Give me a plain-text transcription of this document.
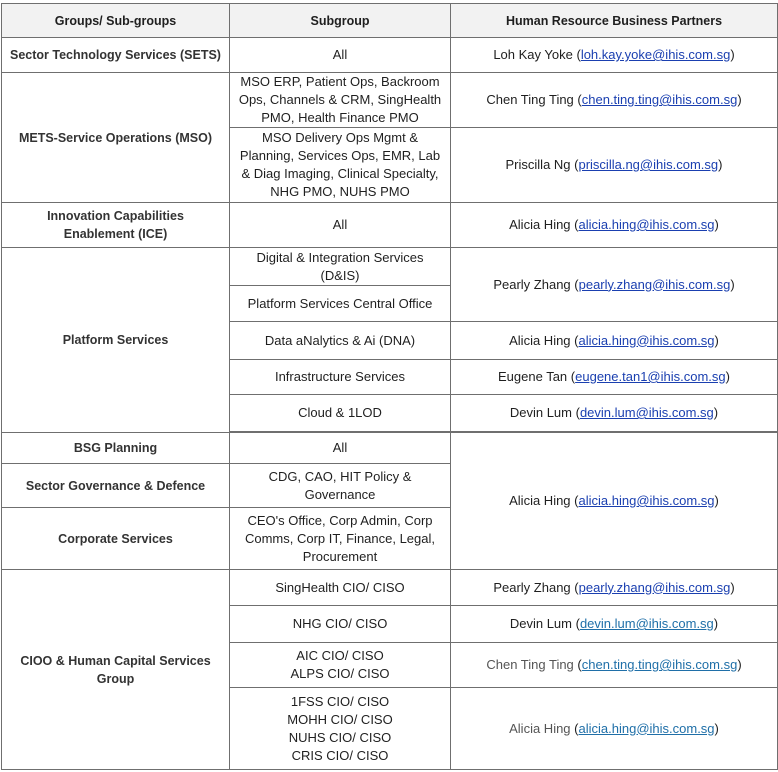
Groups/ Sub-groups	Subgroup	Human Resource Business Partners
Sector Technology Services (SETS)	All	Loh Kay Yoke (loh.kay.yoke@ihis.com.sg)
METS-Service Operations (MSO)	MSO ERP, Patient Ops, Backroom Ops, Channels & CRM, SingHealth PMO, Health Finance PMO	Chen Ting Ting (chen.ting.ting@ihis.com.sg)
	MSO Delivery Ops Mgmt & Planning, Services Ops, EMR, Lab & Diag Imaging, Clinical Specialty, NHG PMO, NUHS PMO	Priscilla Ng (priscilla.ng@ihis.com.sg)

Innovation Capabilities
Enablement (ICE)	All	Alicia Hing (alicia.hing@ihis.com.sg)
Platform Services	Digital & Integration Services (D&IS)	Pearly Zhang (pearly.zhang@ihis.com.sg)
	Platform Services Central Office	
	Data aNalytics & Ai (DNA)	Alicia Hing (alicia.hing@ihis.com.sg)
	Infrastructure Services	Eugene Tan (eugene.tan1@ihis.com.sg)
	Cloud & 1LOD	Devin Lum (devin.lum@ihis.com.sg)

BSG Planning	All	Alicia Hing (alicia.hing@ihis.com.sg)
Sector Governance & Defence	CDG, CAO, HIT Policy & Governance	
Corporate Services	CEO's Office, Corp Admin, Corp Comms, Corp IT, Finance, Legal, Procurement	

CIOO & Human Capital Services
Group	SingHealth CIO/ CISO	Pearly Zhang (pearly.zhang@ihis.com.sg)
	NHG CIO/ CISO	Devin Lum (devin.lum@ihis.com.sg)

	AIC CIO/ CISO
ALPS CIO/ CISO	Chen Ting Ting (chen.ting.ting@ihis.com.sg)

	1FSS CIO/ CISO
MOHH CIO/ CISO
NUHS CIO/ CISO
CRIS CIO/ CISO	Alicia Hing (alicia.hing@ihis.com.sg)
